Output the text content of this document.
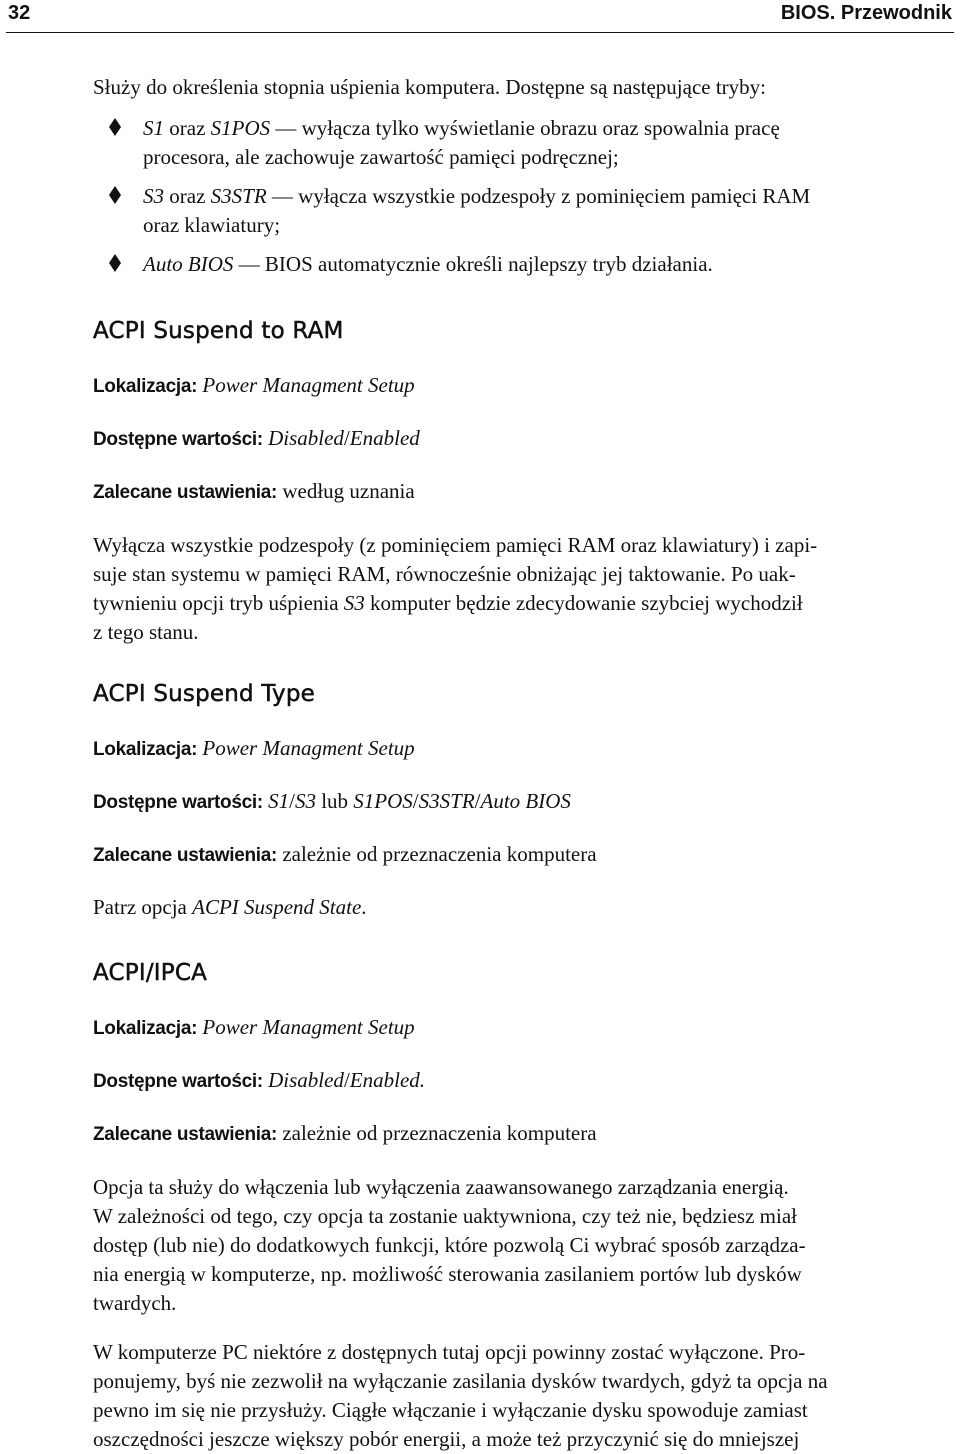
32	BIOS. Przewodnik
Służy do określenia stopnia uśpienia komputera. Dostępne są następujące tryby:
S1 oraz S1POS — wyłącza tylko wyświetlanie obrazu oraz spowalnia pracę
procesora, ale zachowuje zawartość pamięci podręcznej;
S3 oraz S3STR — wyłącza wszystkie podzespoły z pominięciem pamięci RAM
oraz klawiatury;
Auto BIOS — BIOS automatycznie określi najlepszy tryb działania.
ACPI Suspend to RAM

Lokalizacja: Power Managment Setup

Dostępne wartości: Disabled/Enabled

Zalecane ustawienia: według uznania

Wyłącza wszystkie podzespoły (z pominięciem pamięci RAM oraz klawiatury) i zapi-

suje stan systemu w pamięci RAM, równocześnie obniżając jej taktowanie. Po uak-

tywnieniu opcji tryb uśpienia S3 komputer będzie zdecydowanie szybciej wychodził

z tego stanu.

ACPI Suspend Type

Lokalizacja: Power Managment Setup

Dostępne wartości: S1/S3 lub S1POS/S3STR/Auto BIOS

Zalecane ustawienia: zależnie od przeznaczenia komputera

Patrz opcja ACPI Suspend State.

ACPI/IPCA

Lokalizacja: Power Managment Setup

Dostępne wartości: Disabled/Enabled.

Zalecane ustawienia: zależnie od przeznaczenia komputera

Opcja ta służy do włączenia lub wyłączenia zaawansowanego zarządzania energią.

W zależności od tego, czy opcja ta zostanie uaktywniona, czy też nie, będziesz miał

dostęp (lub nie) do dodatkowych funkcji, które pozwolą Ci wybrać sposób zarządza-

nia energią w komputerze, np. możliwość sterowania zasilaniem portów lub dysków

twardych.

W komputerze PC niektóre z dostępnych tutaj opcji powinny zostać wyłączone. Pro-

ponujemy, byś nie zezwolił na wyłączanie zasilania dysków twardych, gdyż ta opcja na

pewno im się nie przysłuży. Ciągłe włączanie i wyłączanie dysku spowoduje zamiast

oszczędności jeszcze większy pobór energii, a może też przyczynić się do mniejszej
